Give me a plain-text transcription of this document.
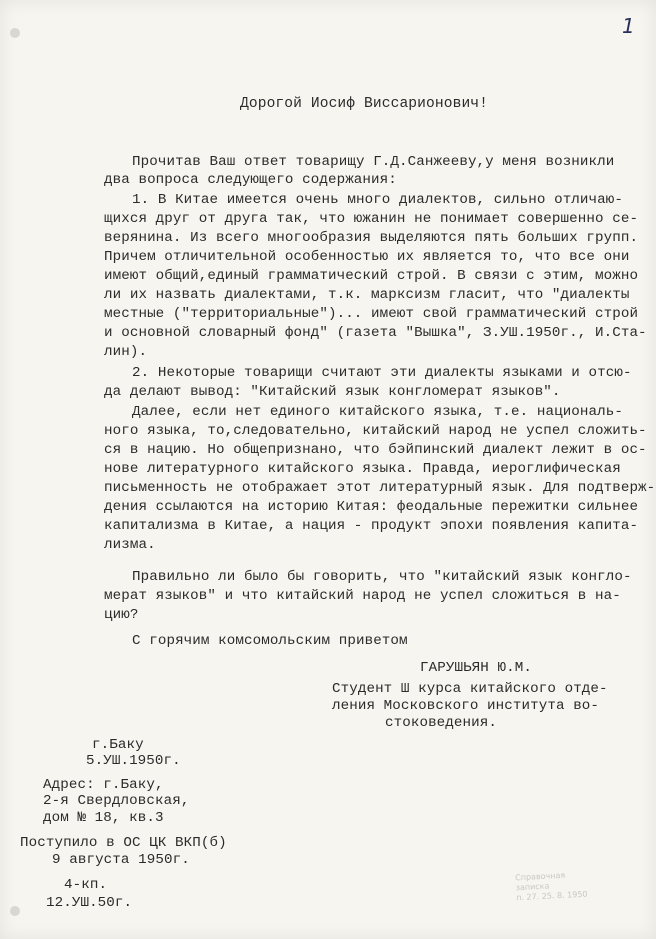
1
Дорогой Иосиф Виссарионович!
Прочитав Ваш ответ товарищу Г.Д.Санжееву,у меня возникли
два вопроса следующего содержания:
1. В Китае имеется очень много диалектов, сильно отличаю-
щихся друг от друга так, что южанин не понимает совершенно се-
верянина. Из всего многообразия выделяются пять больших групп.
Причем отличительной особенностью их является то, что все они
имеют общий,единый грамматический строй. В связи с этим, можно
ли их назвать диалектами, т.к. марксизм гласит, что "диалекты
местные ("территориальные")... имеют свой грамматический строй
и основной словарный фонд" (газета "Вышка", З.УШ.1950г., И.Ста-
лин).
2. Некоторые товарищи считают эти диалекты языками и отсю-
да делают вывод: "Китайский язык конгломерат языков".
Далее, если нет единого китайского языка, т.е. националь-
ного языка, то,следовательно, китайский народ не успел сложить-
ся в нацию. Но общепризнано, что бэйпинский диалект лежит в ос-
нове литературного китайского языка. Правда, иероглифическая
письменность не отображает этот литературный язык. Для подтверж-
дения ссылаются на историю Китая: феодальные пережитки сильнее
капитализма в Китае, а нация - продукт эпохи появления капита-
лизма.
Правильно ли было бы говорить, что "китайский язык конгло-
мерат языков" и что китайский народ не успел сложиться в на-
цию?
С горячим комсомольским приветом
ГАРУШЬЯН Ю.М.
Студент Ш курса китайского отде-
ления Московского института во-
стоковедения.
г.Баку
5.УШ.1950г.
Адрес: г.Баку,
2-я Свердловская,
дом № 18, кв.3
Поступило в ОС ЦК ВКП(б)
9 августа 1950г.
4-кп.
12.УШ.50г.
Справочная
записка
п. 27. 25. 8. 1950
